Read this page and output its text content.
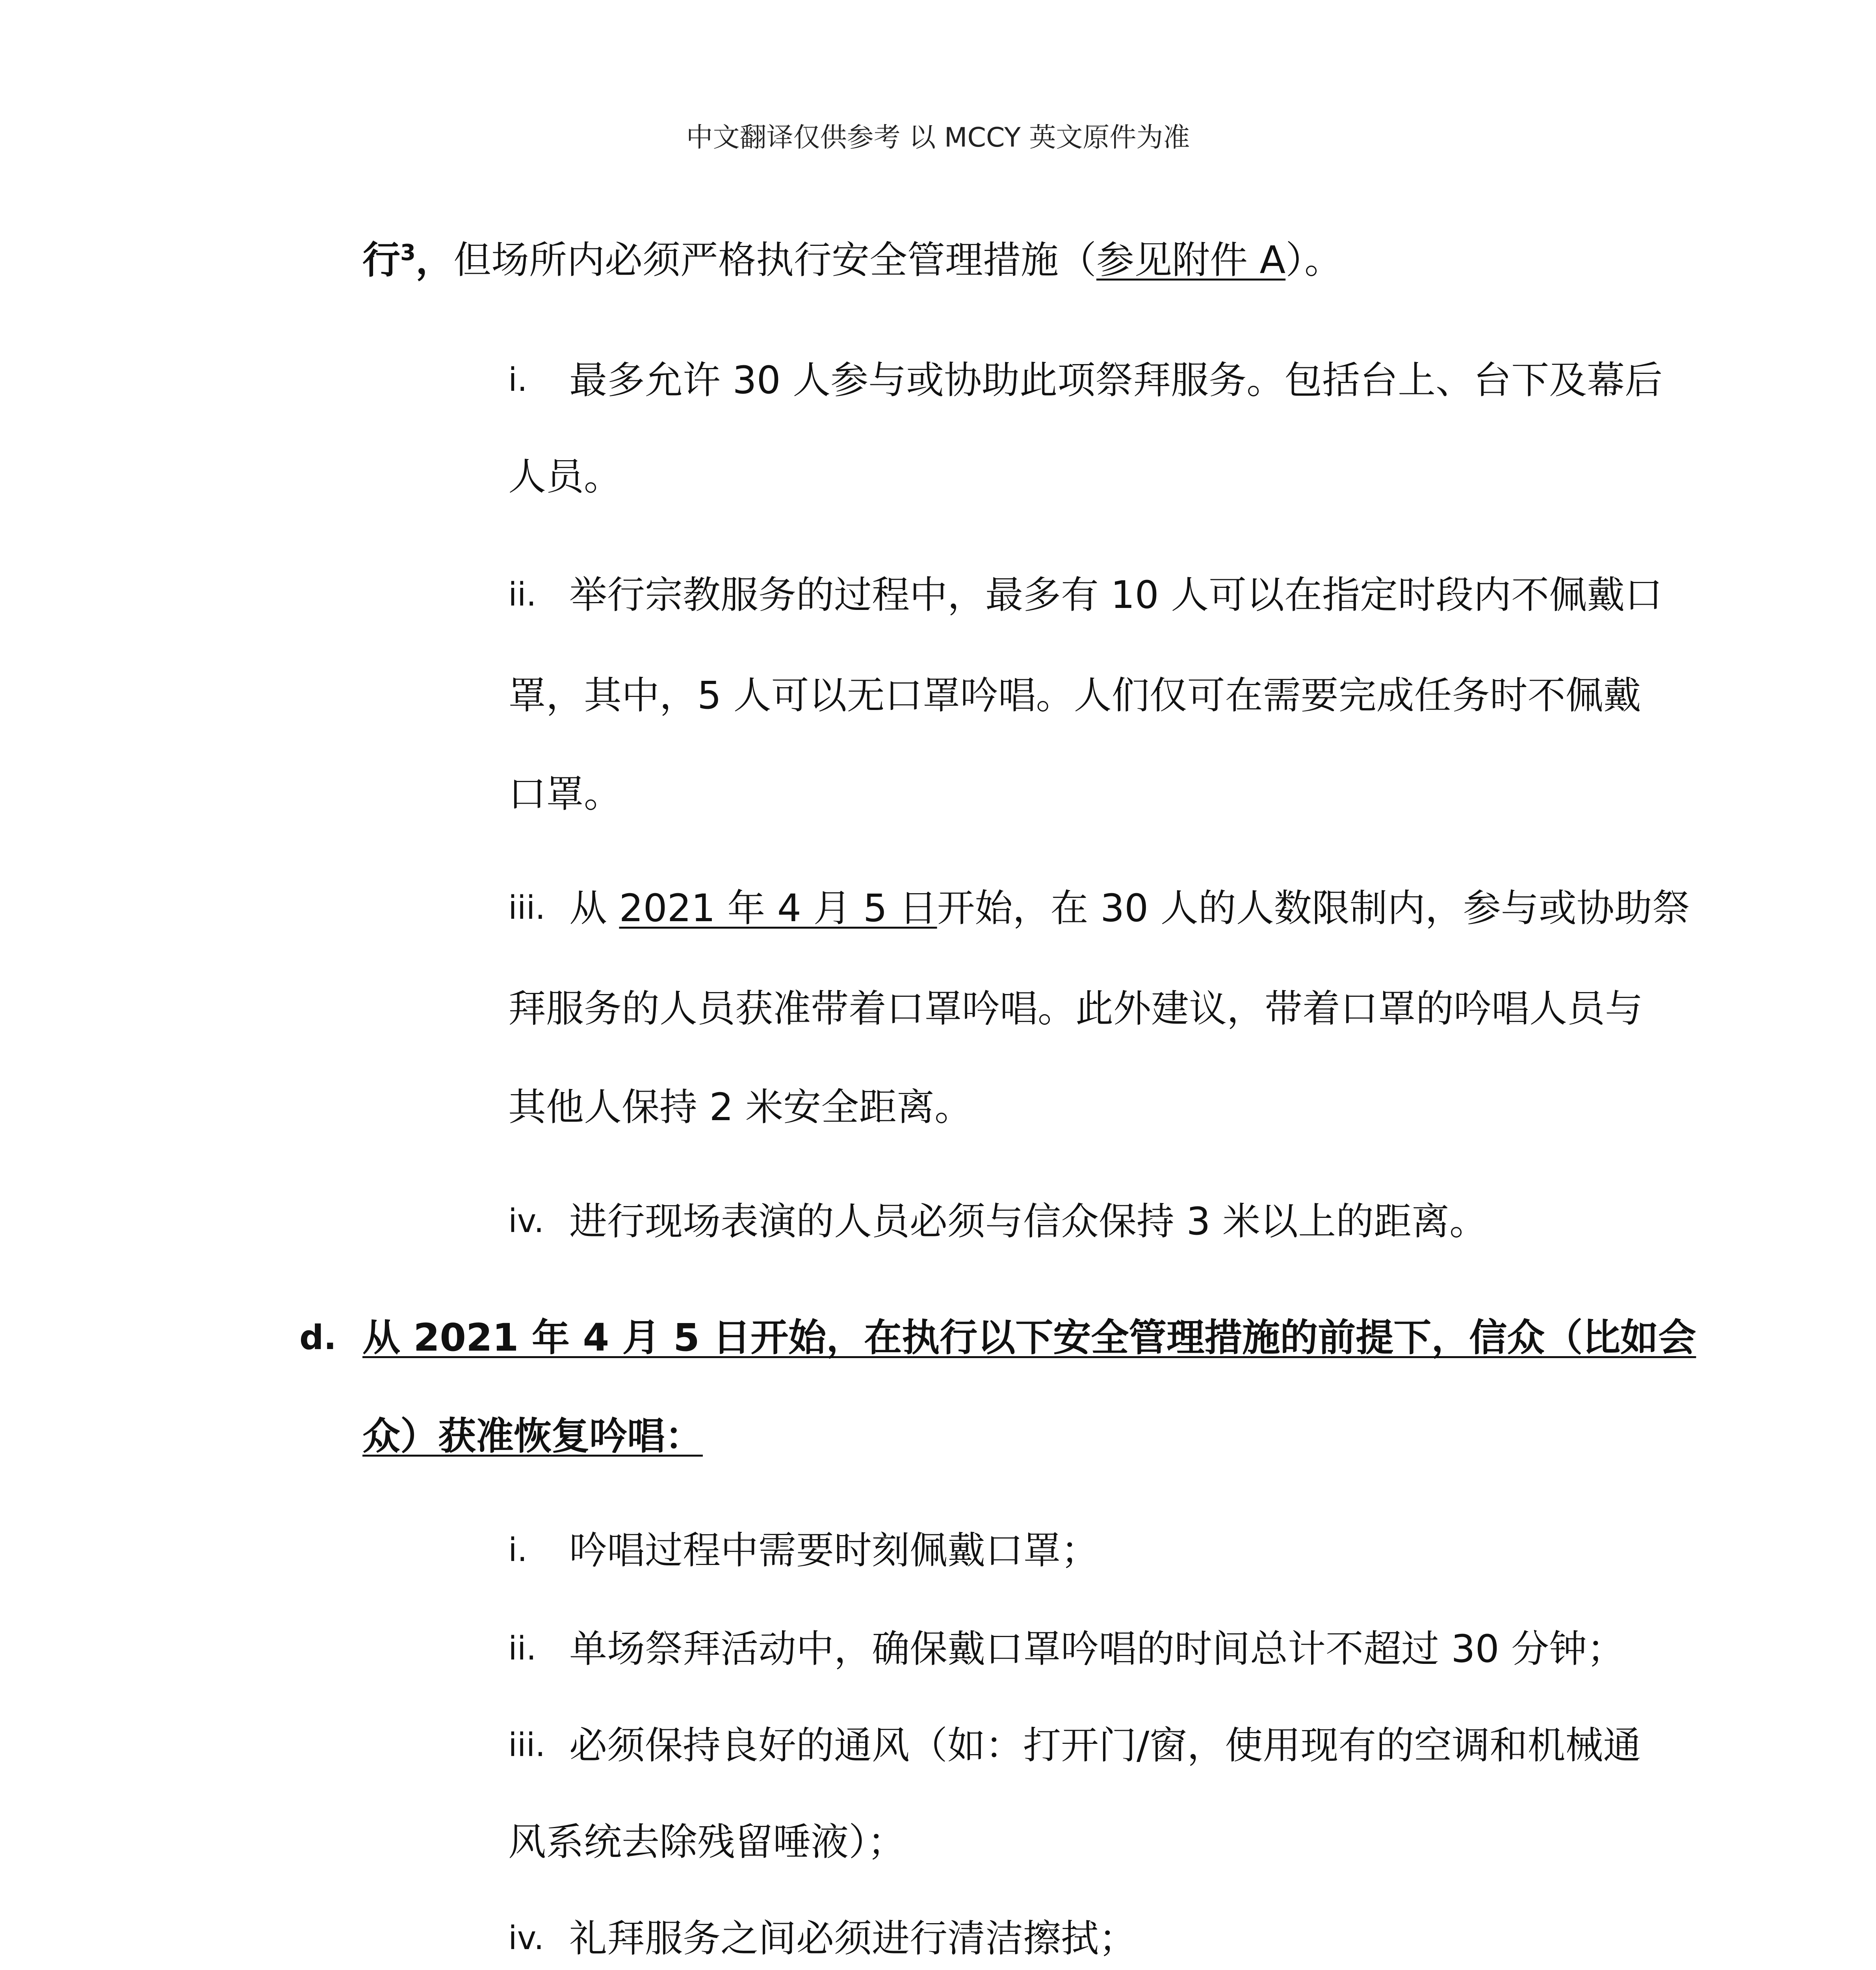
中文翻译仅供参考 以 MCCY 英文原件为准
行$^3$，但场所内必须严格执行安全管理措施（参见附件 A）。
i. 最多允许 30 人参与或协助此项祭拜服务。包括台上、台下及幕后
人员。
ii. 举行宗教服务的过程中，最多有 10 人可以在指定时段内不佩戴口
罩，其中，5 人可以无口罩吟唱。人们仅可在需要完成任务时不佩戴
口罩。
iii. 从 2021 年 4 月 5 日开始，在 30 人的人数限制内，参与或协助祭
拜服务的人员获准带着口罩吟唱。此外建议，带着口罩的吟唱人员与
其他人保持 2 米安全距离。
iv. 进行现场表演的人员必须与信众保持 3 米以上的距离。
d. 从 2021 年 4 月 5 日开始，在执行以下安全管理措施的前提下，信众（比如会
众）获准恢复吟唱：
i. 吟唱过程中需要时刻佩戴口罩；
ii. 单场祭拜活动中，确保戴口罩吟唱的时间总计不超过 30 分钟；
iii. 必须保持良好的通风（如：打开门/窗，使用现有的空调和机械通
风系统去除残留唾液）；
iv. 礼拜服务之间必须进行清洁擦拭；
